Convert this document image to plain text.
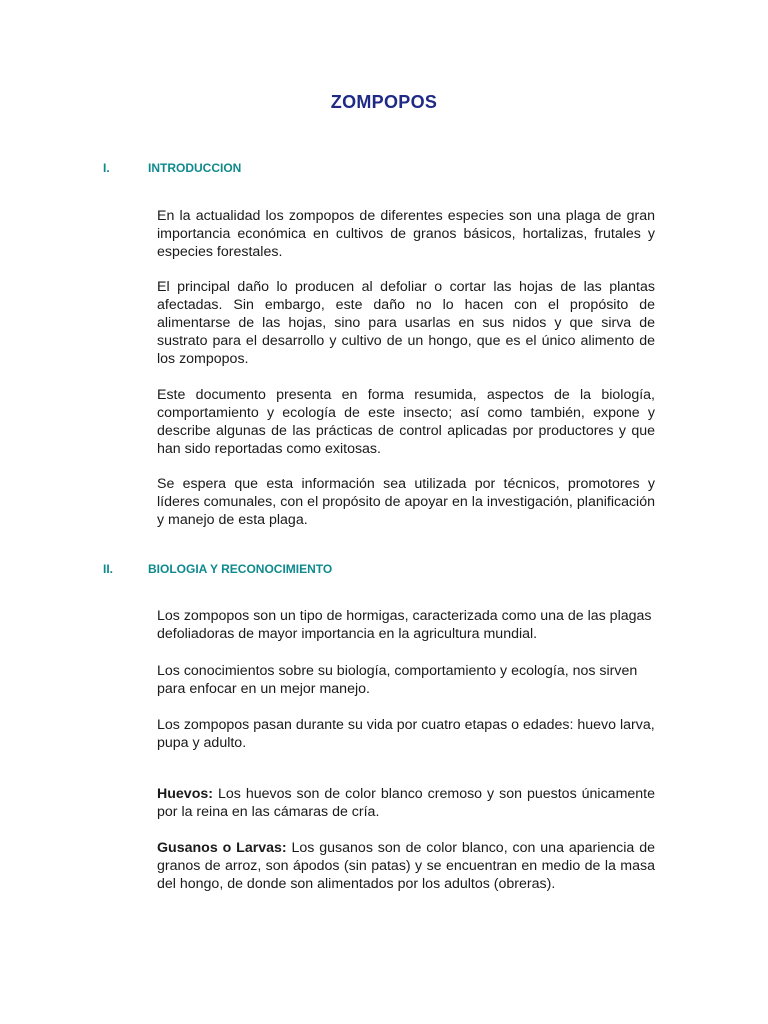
ZOMPOPOS
I.	INTRODUCCION

En la actualidad los zompopos de diferentes especies son una plaga de gran importancia económica en cultivos de granos básicos, hortalizas, frutales y especies forestales.

El principal daño lo producen al defoliar o cortar las hojas de las plantas afectadas. Sin embargo, este daño no lo hacen con el propósito de alimentarse de las hojas, sino para usarlas en sus nidos y que sirva de sustrato para el desarrollo y cultivo de un hongo, que es el único alimento de los zompopos.

Este documento presenta en forma resumida, aspectos de la biología, comportamiento y ecología de este insecto; así como también, expone y describe algunas de las prácticas de control aplicadas por productores y que han sido reportadas como exitosas.

Se espera que esta información sea utilizada por técnicos, promotores y líderes comunales, con el propósito de apoyar en la investigación, planificación y manejo de esta plaga.

II.	BIOLOGIA Y RECONOCIMIENTO

Los zompopos son un tipo de hormigas, caracterizada como una de las plagas defoliadoras de mayor importancia en la agricultura mundial.

Los conocimientos sobre su biología, comportamiento y ecología, nos sirven para enfocar en un mejor manejo.

Los zompopos pasan durante su vida por cuatro etapas o edades: huevo larva, pupa y adulto.

Huevos: Los huevos son de color blanco cremoso y son puestos únicamente por la reina en las cámaras de cría.

Gusanos o Larvas: Los gusanos son de color blanco, con una apariencia de granos de arroz, son ápodos (sin patas) y se encuentran en medio de la masa del hongo, de donde son alimentados por los adultos (obreras).
